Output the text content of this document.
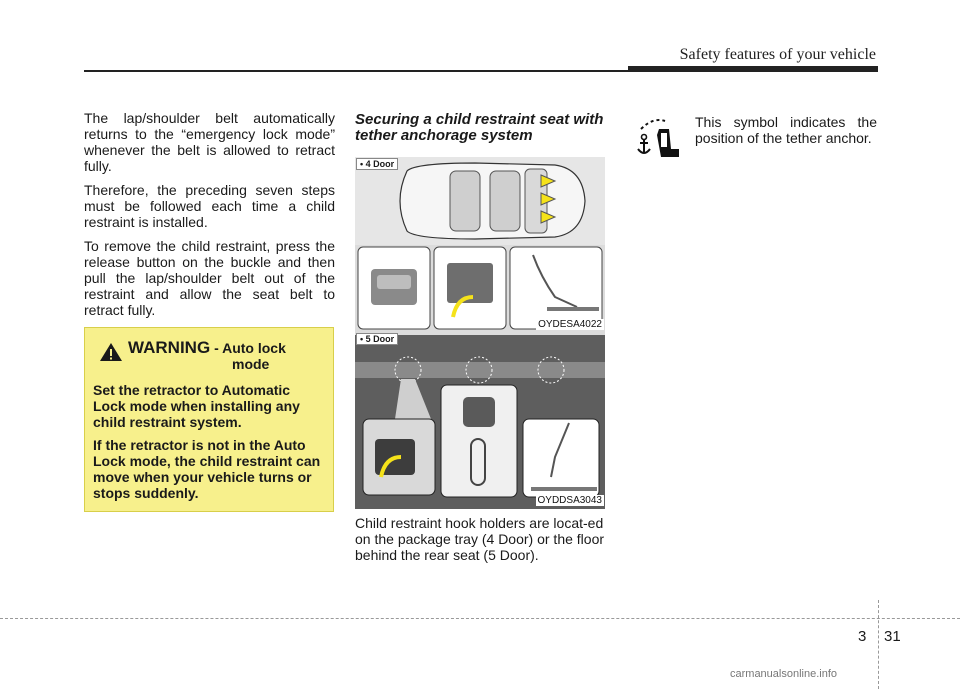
Safety features of your vehicle

The lap/shoulder belt automatically returns to the “emergency lock mode” whenever the belt is allowed to retract fully.

Therefore, the preceding seven steps must be followed each time a child restraint is installed.

To remove the child restraint, press the release button on the buckle and then pull the lap/shoulder belt out of the restraint and allow the seat belt to retract fully.

WARNING - Auto lock
mode

Set the retractor to Automatic Lock mode when installing any child restraint system.

If the retractor is not in the Auto Lock mode, the child restraint can move when your vehicle turns or stops suddenly.

Securing a child restraint seat with tether anchorage system
• 4 Door
OYDESA4022
• 5 Door
OYDDSA3043
Child restraint hook holders are locat-ed on the package tray (4 Door) or the floor behind the rear seat (5 Door).
This symbol indicates the position of the tether anchor.
3 31
carmanualsonline.info
